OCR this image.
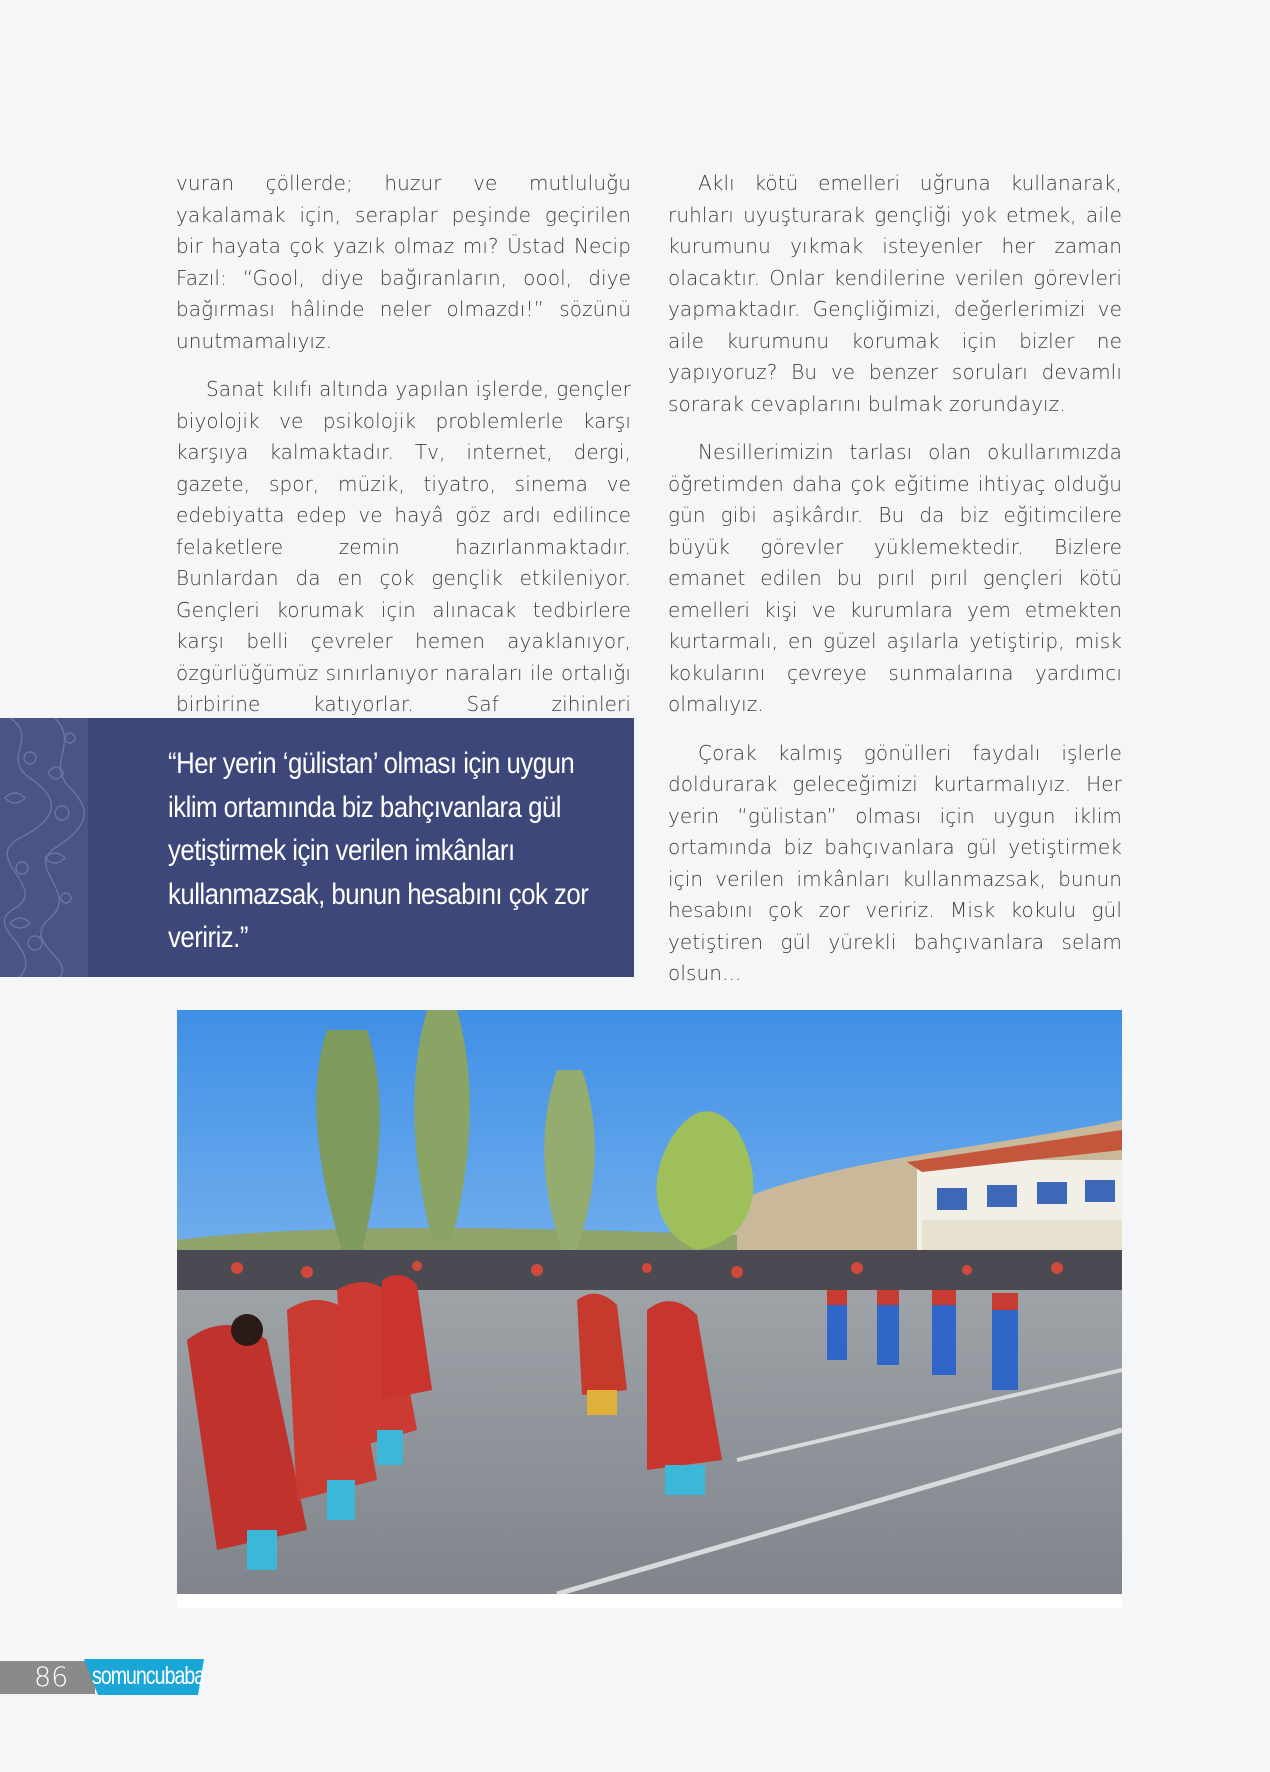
vuran çöllerde; huzur ve mutluluğu yakalamak için, seraplar peşinde geçirilen bir hayata çok yazık olmaz mı? Üstad Necip Fazıl: “Gool, diye bağıranların, oool, diye bağırması hâlinde neler olmazdı!” sözünü unutmamalıyız.

Sanat kılıfı altında yapılan işlerde, gençler biyolojik ve psikolojik problemlerle karşı karşıya kalmaktadır. Tv, internet, dergi, gazete, spor, müzik, tiyatro, sinema ve edebiyatta edep ve hayâ göz ardı edilince felaketlere zemin hazırlanmaktadır. Bunlardan da en çok gençlik etkileniyor. Gençleri korumak için alınacak tedbirlere karşı belli çevreler hemen ayaklanıyor, özgürlüğümüz sınırlanıyor naraları ile ortalığı birbirine katıyorlar. Saf zihinleri

Aklı kötü emelleri uğruna kullanarak, ruhları uyuşturarak gençliği yok etmek, aile kurumunu yıkmak isteyenler her zaman olacaktır. Onlar kendilerine verilen görevleri yapmaktadır. Gençliğimizi, değerlerimizi ve aile kurumunu korumak için bizler ne yapıyoruz? Bu ve benzer soruları devamlı sorarak cevaplarını bulmak zorundayız.

Nesillerimizin tarlası olan okullarımızda öğretimden daha çok eğitime ihtiyaç olduğu gün gibi aşikârdır. Bu da biz eğitimcilere büyük görevler yüklemektedir. Bizlere emanet edilen bu pırıl pırıl gençleri kötü emelleri kişi ve kurumlara yem etmekten kurtarmalı, en güzel aşılarla yetiştirip, misk kokularını çevreye sunmalarına yardımcı olmalıyız.

Çorak kalmış gönülleri faydalı işlerle doldurarak geleceğimizi kurtarmalıyız. Her yerin “gülistan” olması için uygun iklim ortamında biz bahçıvanlara gül yetiştirmek için verilen imkânları kullanmazsak, bunun hesabını çok zor veririz. Misk kokulu gül yetiştiren gül yürekli bahçıvanlara selam olsun...

“Her yerin ‘gülistan’ olması için uygun iklim ortamında biz bahçıvanlara gül yetiştirmek için verilen imkânları kullanmazsak, bunun hesabını çok zor veririz.”
86 somuncubaba
